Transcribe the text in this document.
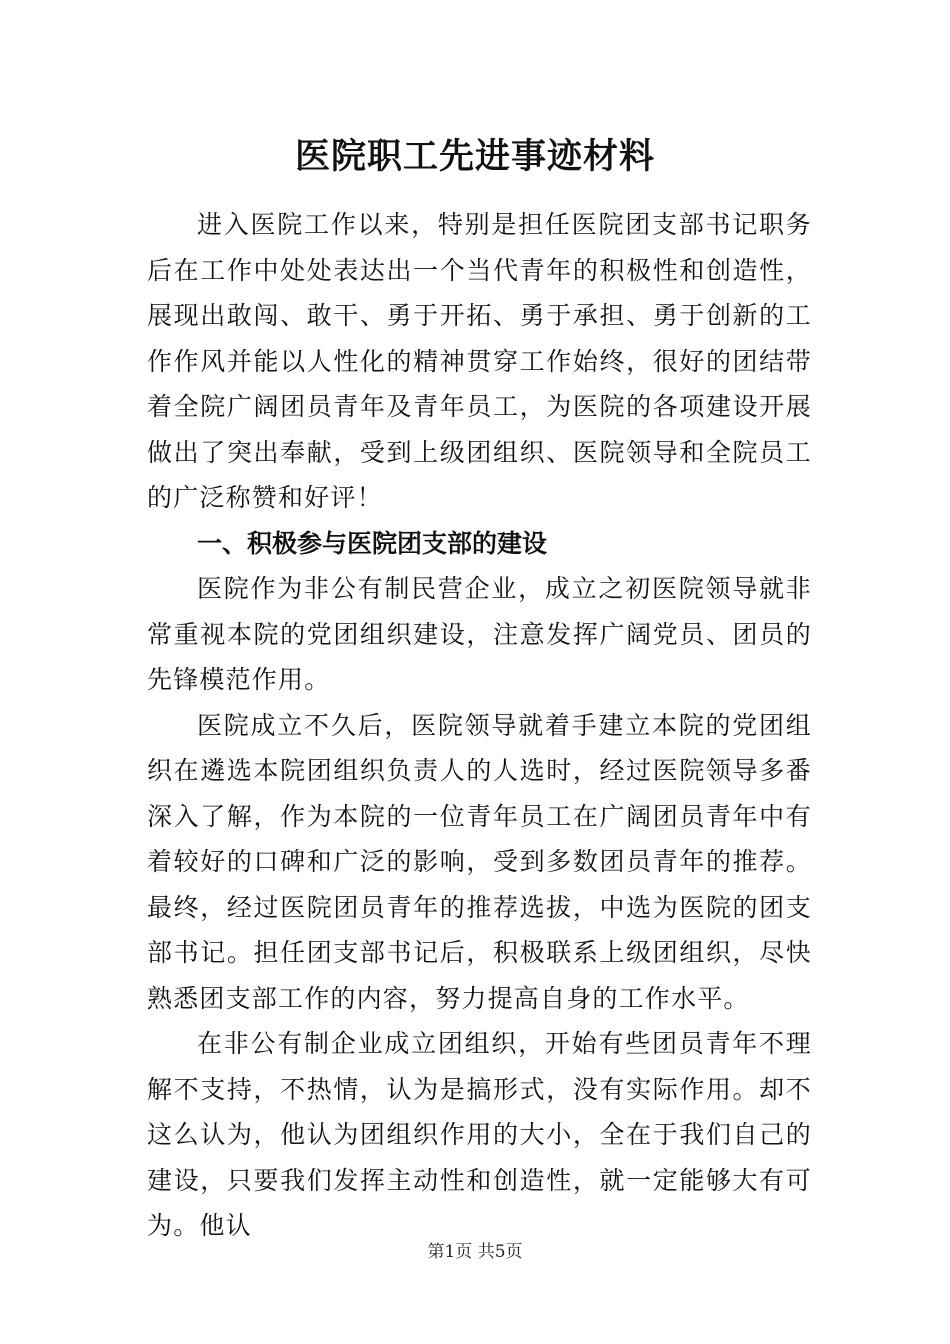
医院职工先进事迹材料

进入医院工作以来，特别是担任医院团支部书记职务后在工作中处处表达出一个当代青年的积极性和创造性，展现出敢闯、敢干、勇于开拓、勇于承担、勇于创新的工作作风并能以人性化的精神贯穿工作始终，很好的团结带着全院广阔团员青年及青年员工，为医院的各项建设开展做出了突出奉献，受到上级团组织、医院领导和全院员工的广泛称赞和好评！

一、积极参与医院团支部的建设

医院作为非公有制民营企业，成立之初医院领导就非常重视本院的党团组织建设，注意发挥广阔党员、团员的先锋模范作用。

医院成立不久后，医院领导就着手建立本院的党团组织在遴选本院团组织负责人的人选时，经过医院领导多番深入了解，作为本院的一位青年员工在广阔团员青年中有着较好的口碑和广泛的影响，受到多数团员青年的推荐。最终，经过医院团员青年的推荐选拔，中选为医院的团支部书记。担任团支部书记后，积极联系上级团组织，尽快熟悉团支部工作的内容，努力提高自身的工作水平。

在非公有制企业成立团组织，开始有些团员青年不理解不支持，不热情，认为是搞形式，没有实际作用。却不这么认为，他认为团组织作用的大小，全在于我们自己的建设，只要我们发挥主动性和创造性，就一定能够大有可为。他认

第1页 共5页
